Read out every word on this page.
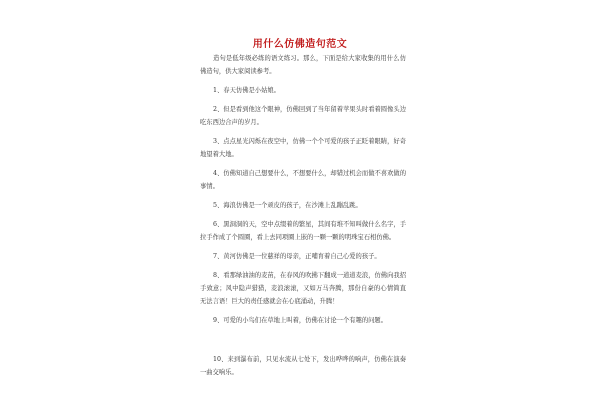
用什么仿佛造句范文

造句是低年级必练的语文练习。那么，下面是给大家收集的用什么仿佛造句，供大家阅读参考。

1、春天仿佛是小姑娘。

2、但是看到他这个眼神，仿佛回到了当年留着苹果头时看着圆像头边吃东西边合声的岁月。

3、点点星光闪烁在夜空中，仿佛一个个可爱的孩子正眨着眼睛，好奇地望着大地。

4、仿佛知道自己想要什么，不想要什么，却错过机会而做不喜欢做的事情。

5、海浪仿佛是一个顽皮的孩子，在沙滩上乱蹦乱跳。

6、黑洞洞的天，空中点缀着的繁星，其间有堆不知叫做什么名字，手拉手作成了个圆圈，看上去同项圈上嵌的一颗一颗的明珠宝石相仿佛。

7、黄河仿佛是一位慈祥的母亲，正哺育着自己心爱的孩子。

8、看那绿油油的麦苗，在春风的吹拂下翻成一道道麦浪，仿佛向我招手致意；风中隐声猎猎，麦浪滚滚，又如万马奔腾，那份自豪的心情简直无法言语！巨大的责任感就会在心底涌动，升腾！

9、可爱的小鸟们在草地上叫着，仿佛在讨论一个有趣的问题。

10、来到瀑布前，只见水流从七处下，发出哗哗的响声，仿佛在演奏一曲交响乐。
